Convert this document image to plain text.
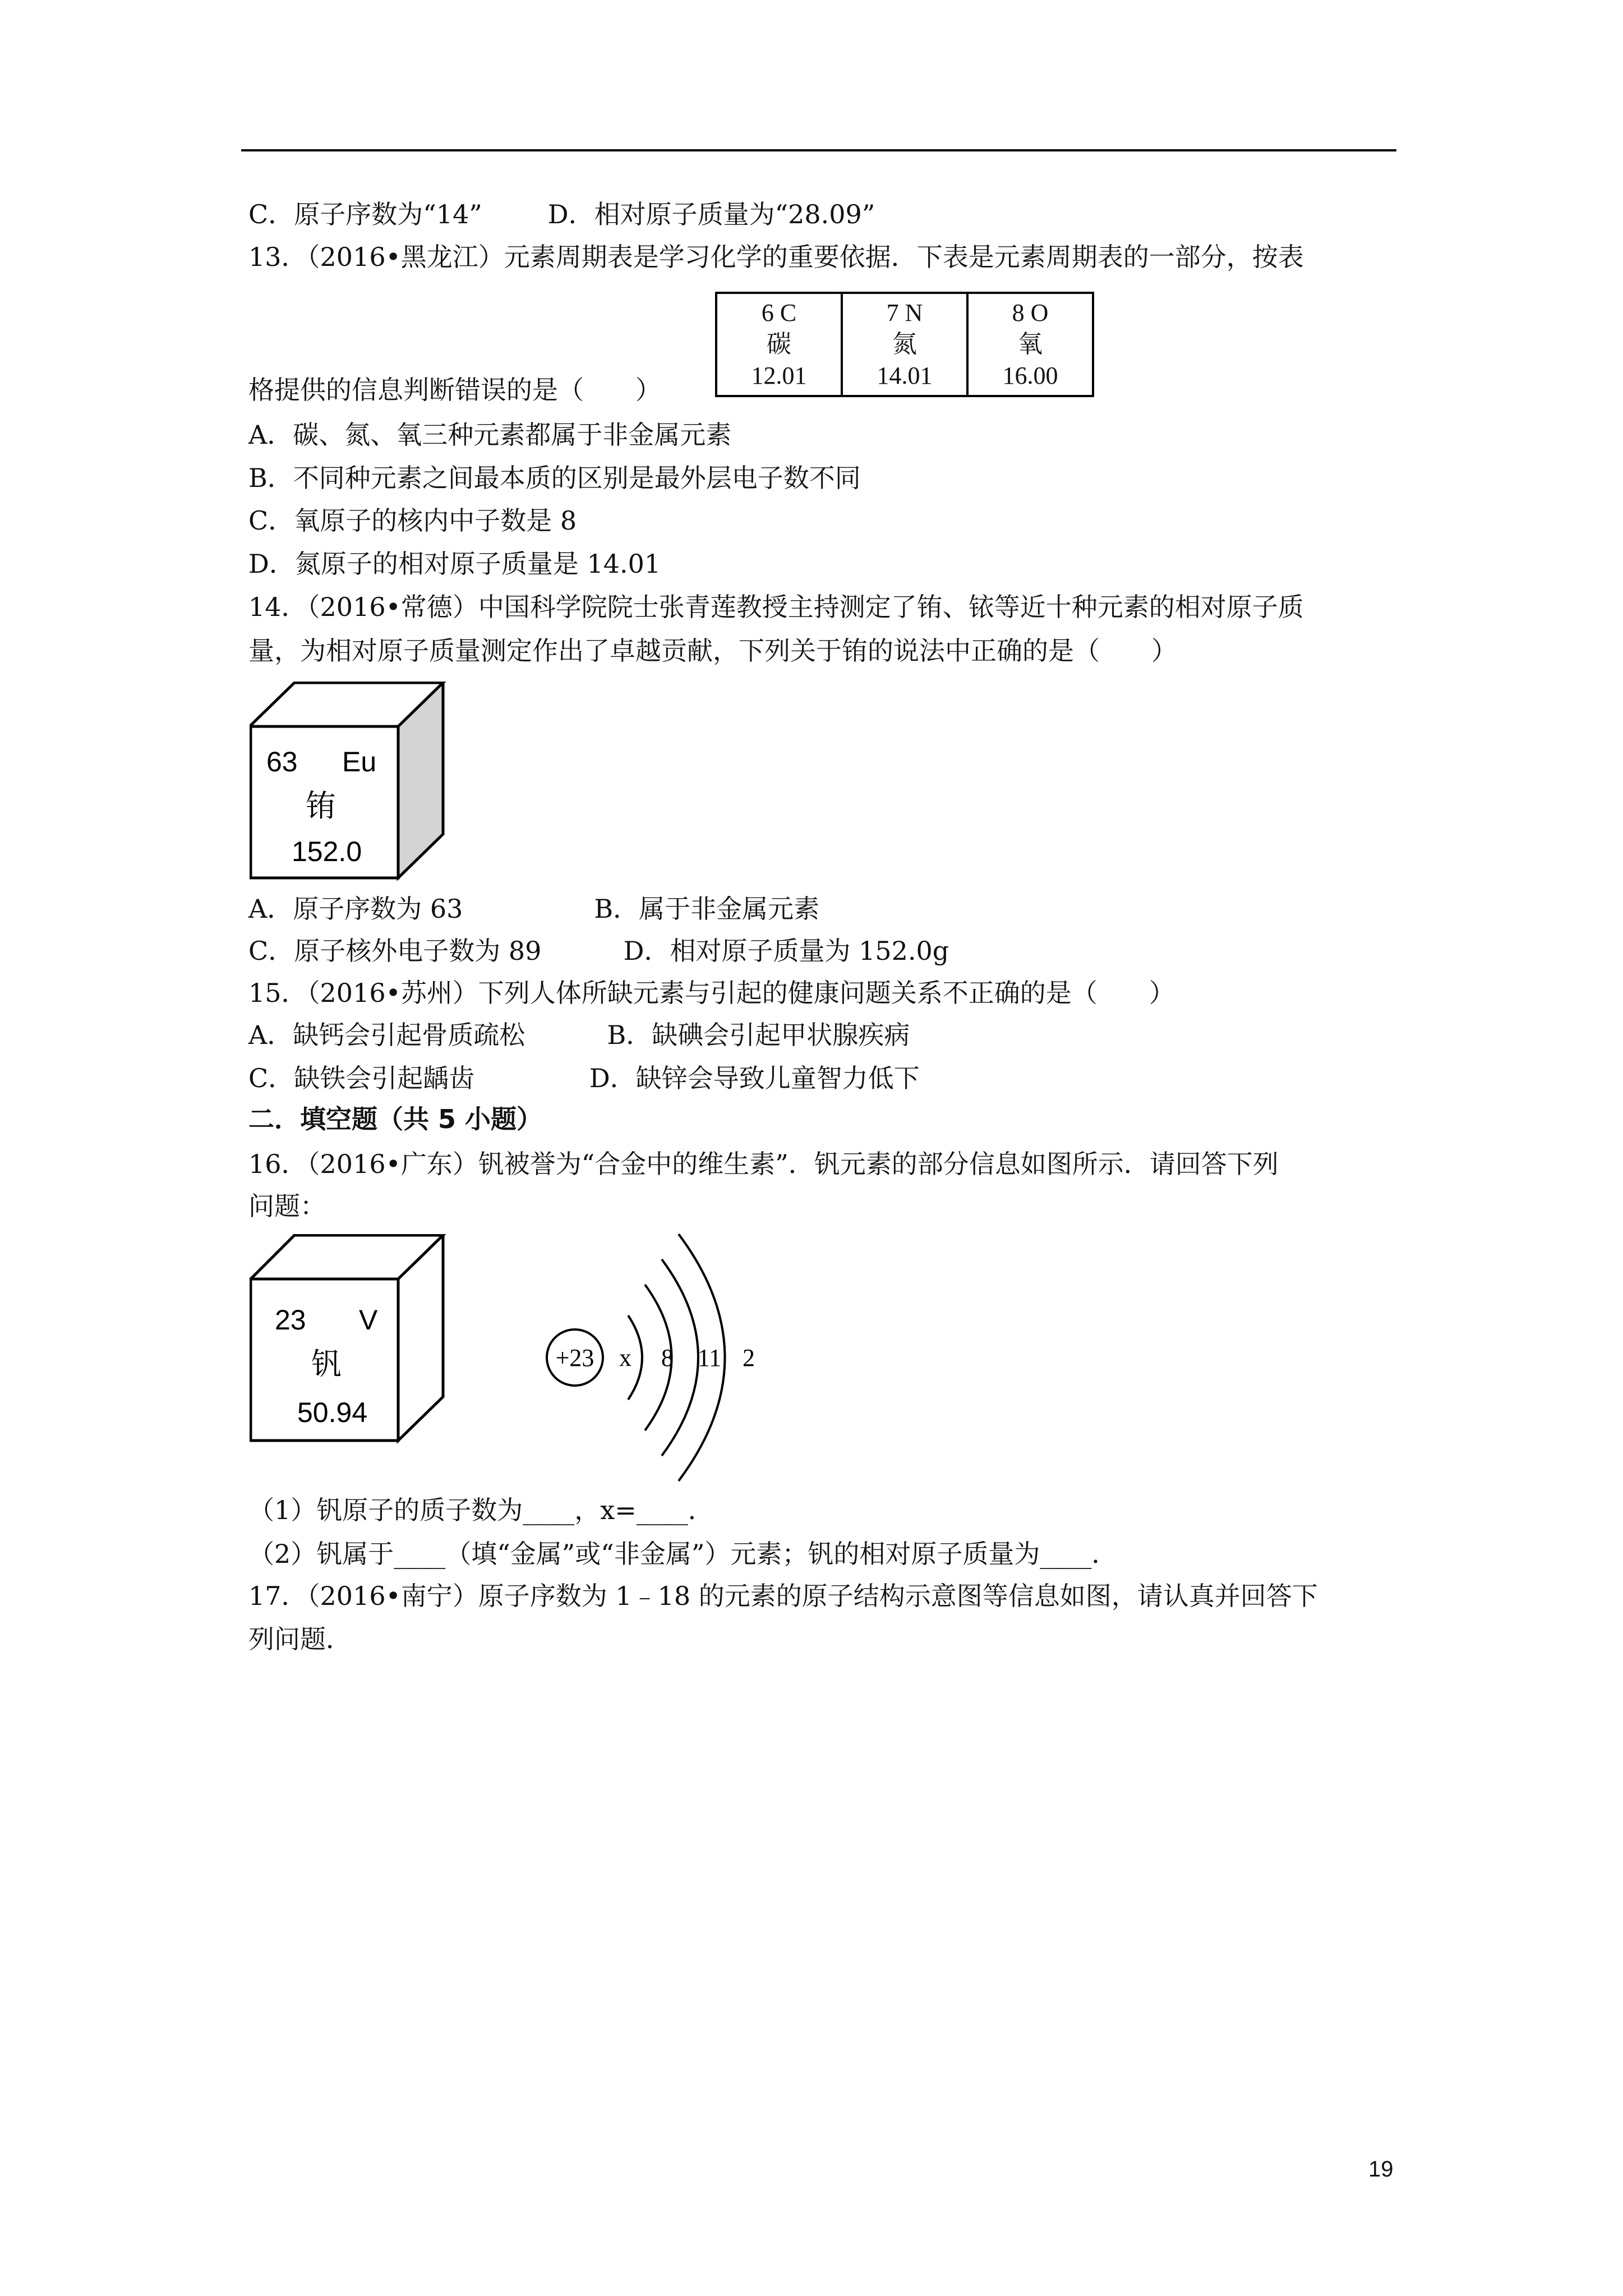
C．原子序数为“14”        D．相对原子质量为“28.09”
13．（2016•黑龙江）元素周期表是学习化学的重要依据．下表是元素周期表的一部分，按表
6 C
碳
12.01

7 N
氮
14.01

8 O
氧
16.00
格提供的信息判断错误的是（　　）
A．碳、氮、氧三种元素都属于非金属元素
B．不同种元素之间最本质的区别是最外层电子数不同
C．氧原子的核内中子数是 8
D．氮原子的相对原子质量是 14.01
14．（2016•常德）中国科学院院士张青莲教授主持测定了铕、铱等近十种元素的相对原子质
量，为相对原子质量测定作出了卓越贡献，下列关于铕的说法中正确的是（　　）
63 Eu
铕
152.0
A．原子序数为 63                B．属于非金属元素
C．原子核外电子数为 89          D．相对原子质量为 152.0g
15．（2016•苏州）下列人体所缺元素与引起的健康问题关系不正确的是（　　）
A．缺钙会引起骨质疏松          B．缺碘会引起甲状腺疾病
C．缺铁会引起龋齿              D．缺锌会导致儿童智力低下
二．填空题（共 5 小题）
16．（2016•广东）钒被誉为“合金中的维生素”．钒元素的部分信息如图所示．请回答下列
问题：
23 V
钒
50.94
+23 x 8 11 2
（1）钒原子的质子数为____，x=____．
（2）钒属于____（填“金属”或“非金属”）元素；钒的相对原子质量为____．
17．（2016•南宁）原子序数为 1﹣18 的元素的原子结构示意图等信息如图，请认真并回答下
列问题．
19
